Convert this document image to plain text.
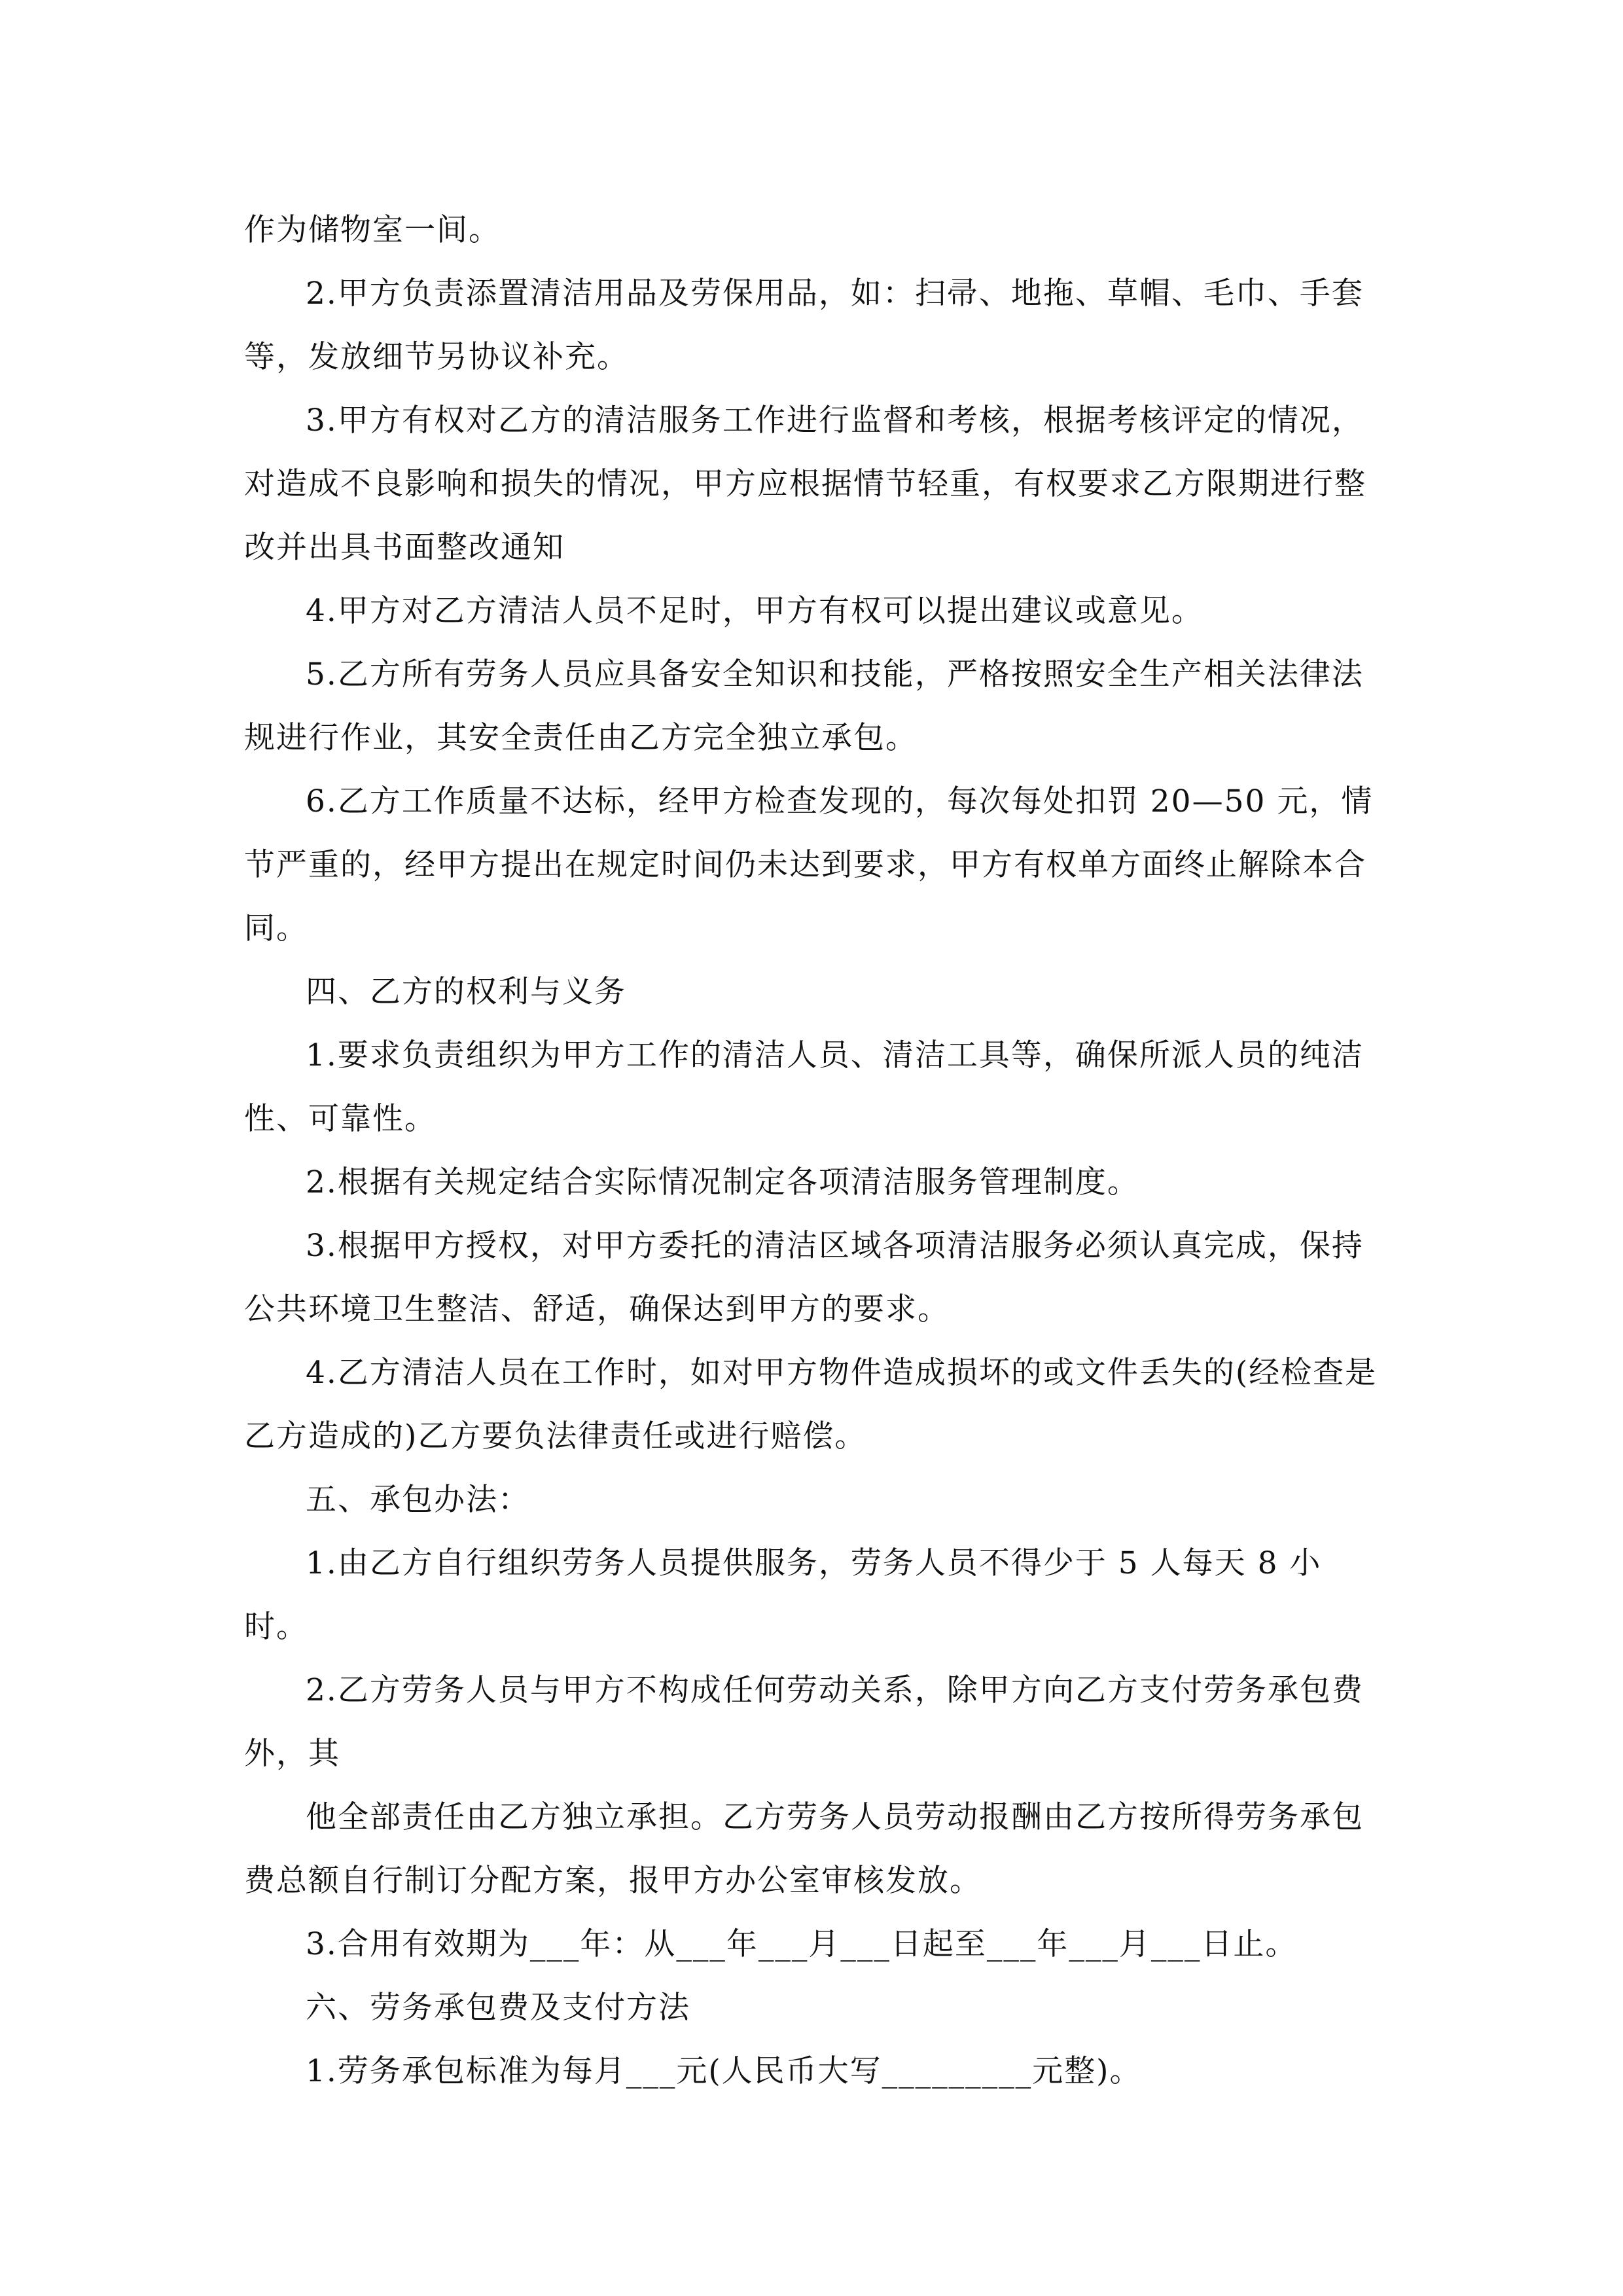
作为储物室一间。

2.甲方负责添置清洁用品及劳保用品，如：扫帚、地拖、草帽、毛巾、手套等，发放细节另协议补充。

3.甲方有权对乙方的清洁服务工作进行监督和考核，根据考核评定的情况，对造成不良影响和损失的情况，甲方应根据情节轻重，有权要求乙方限期进行整改并出具书面整改通知

4.甲方对乙方清洁人员不足时，甲方有权可以提出建议或意见。

5.乙方所有劳务人员应具备安全知识和技能，严格按照安全生产相关法律法规进行作业，其安全责任由乙方完全独立承包。

6.乙方工作质量不达标，经甲方检查发现的，每次每处扣罚 20—50 元，情节严重的，经甲方提出在规定时间仍未达到要求，甲方有权单方面终止解除本合同。

四、乙方的权利与义务

1.要求负责组织为甲方工作的清洁人员、清洁工具等，确保所派人员的纯洁性、可靠性。

2.根据有关规定结合实际情况制定各项清洁服务管理制度。

3.根据甲方授权，对甲方委托的清洁区域各项清洁服务必须认真完成，保持公共环境卫生整洁、舒适，确保达到甲方的要求。

4.乙方清洁人员在工作时，如对甲方物件造成损坏的或文件丢失的(经检查是乙方造成的)乙方要负法律责任或进行赔偿。

五、承包办法：

1.由乙方自行组织劳务人员提供服务，劳务人员不得少于 5 人每天 8 小时。

2.乙方劳务人员与甲方不构成任何劳动关系，除甲方向乙方支付劳务承包费外，其

他全部责任由乙方独立承担。乙方劳务人员劳动报酬由乙方按所得劳务承包费总额自行制订分配方案，报甲方办公室审核发放。

3.合用有效期为___年：从___年___月___日起至___年___月___日止。

六、劳务承包费及支付方法

1.劳务承包标准为每月___元(人民币大写_________元整)。
